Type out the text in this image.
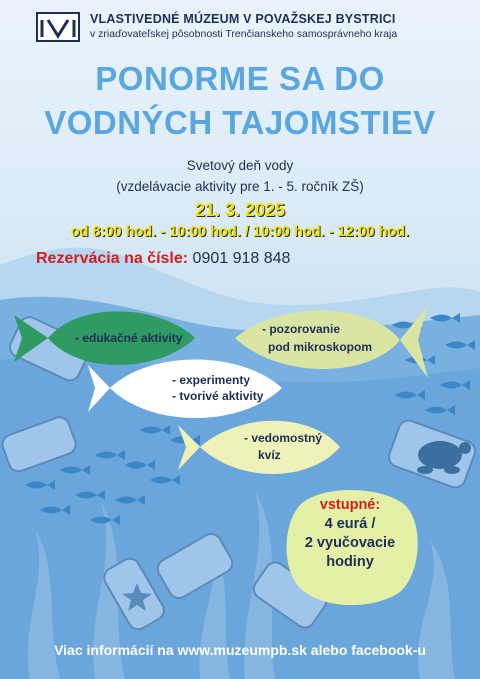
VLASTIVEDNÉ MÚZEUM V POVAŽSKEJ BYSTRICI
v zriaďovateľskej pôsobnosti Trenčianskeho samosprávneho kraja
PONORME SA DO
VODNÝCH TAJOMSTIEV
Svetový deň vody
(vzdelávacie aktivity pre 1. - 5. ročník ZŠ)
21. 3. 2025
od 8:00 hod. - 10:00 hod. / 10:00 hod. - 12:00 hod.
Rezervácia na čísle: 0901 918 848
- edukačné aktivity
- pozorovanie
pod mikroskopom
- experimenty
- tvorivé aktivity
- vedomostný
kvíz
vstupné:
4 eurá /
2 vyučovacie
hodiny
Viac informácií na www.muzeumpb.sk alebo facebook-u
